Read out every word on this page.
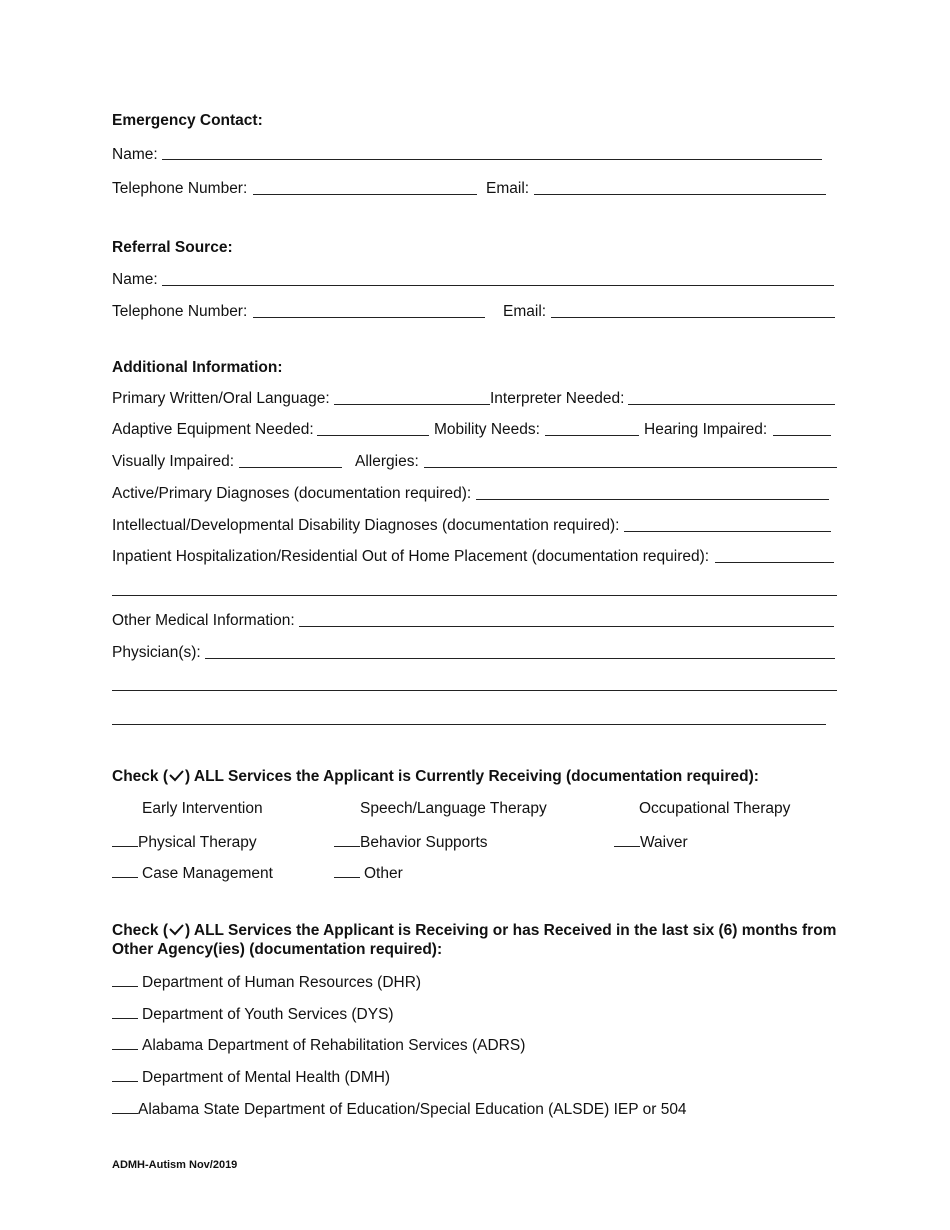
Emergency Contact:
Name:
Telephone Number:	Email:
Referral Source:
Name:
Telephone Number:	Email:
Additional Information:
Primary Written/Oral Language:	Interpreter Needed:
Adaptive Equipment Needed:	Mobility Needs:	Hearing Impaired:
Visually Impaired:	Allergies:
Active/Primary Diagnoses (documentation required):
Intellectual/Developmental Disability Diagnoses (documentation required):
Inpatient Hospitalization/Residential Out of Home Placement (documentation required):
Other Medical Information:
Physician(s):
Check ( ) ALL Services the Applicant is Currently Receiving (documentation required):
Early Intervention	Speech/Language Therapy	Occupational Therapy
Physical Therapy	Behavior Supports	Waiver
Case Management	Other
Check ( ) ALL Services the Applicant is Receiving or has Received in the last six (6) months from Other Agency(ies) (documentation required):
Department of Human Resources (DHR)
Department of Youth Services (DYS)
Alabama Department of Rehabilitation Services (ADRS)
Department of Mental Health (DMH)
Alabama State Department of Education/Special Education (ALSDE) IEP or 504
ADMH-Autism Nov/2019
